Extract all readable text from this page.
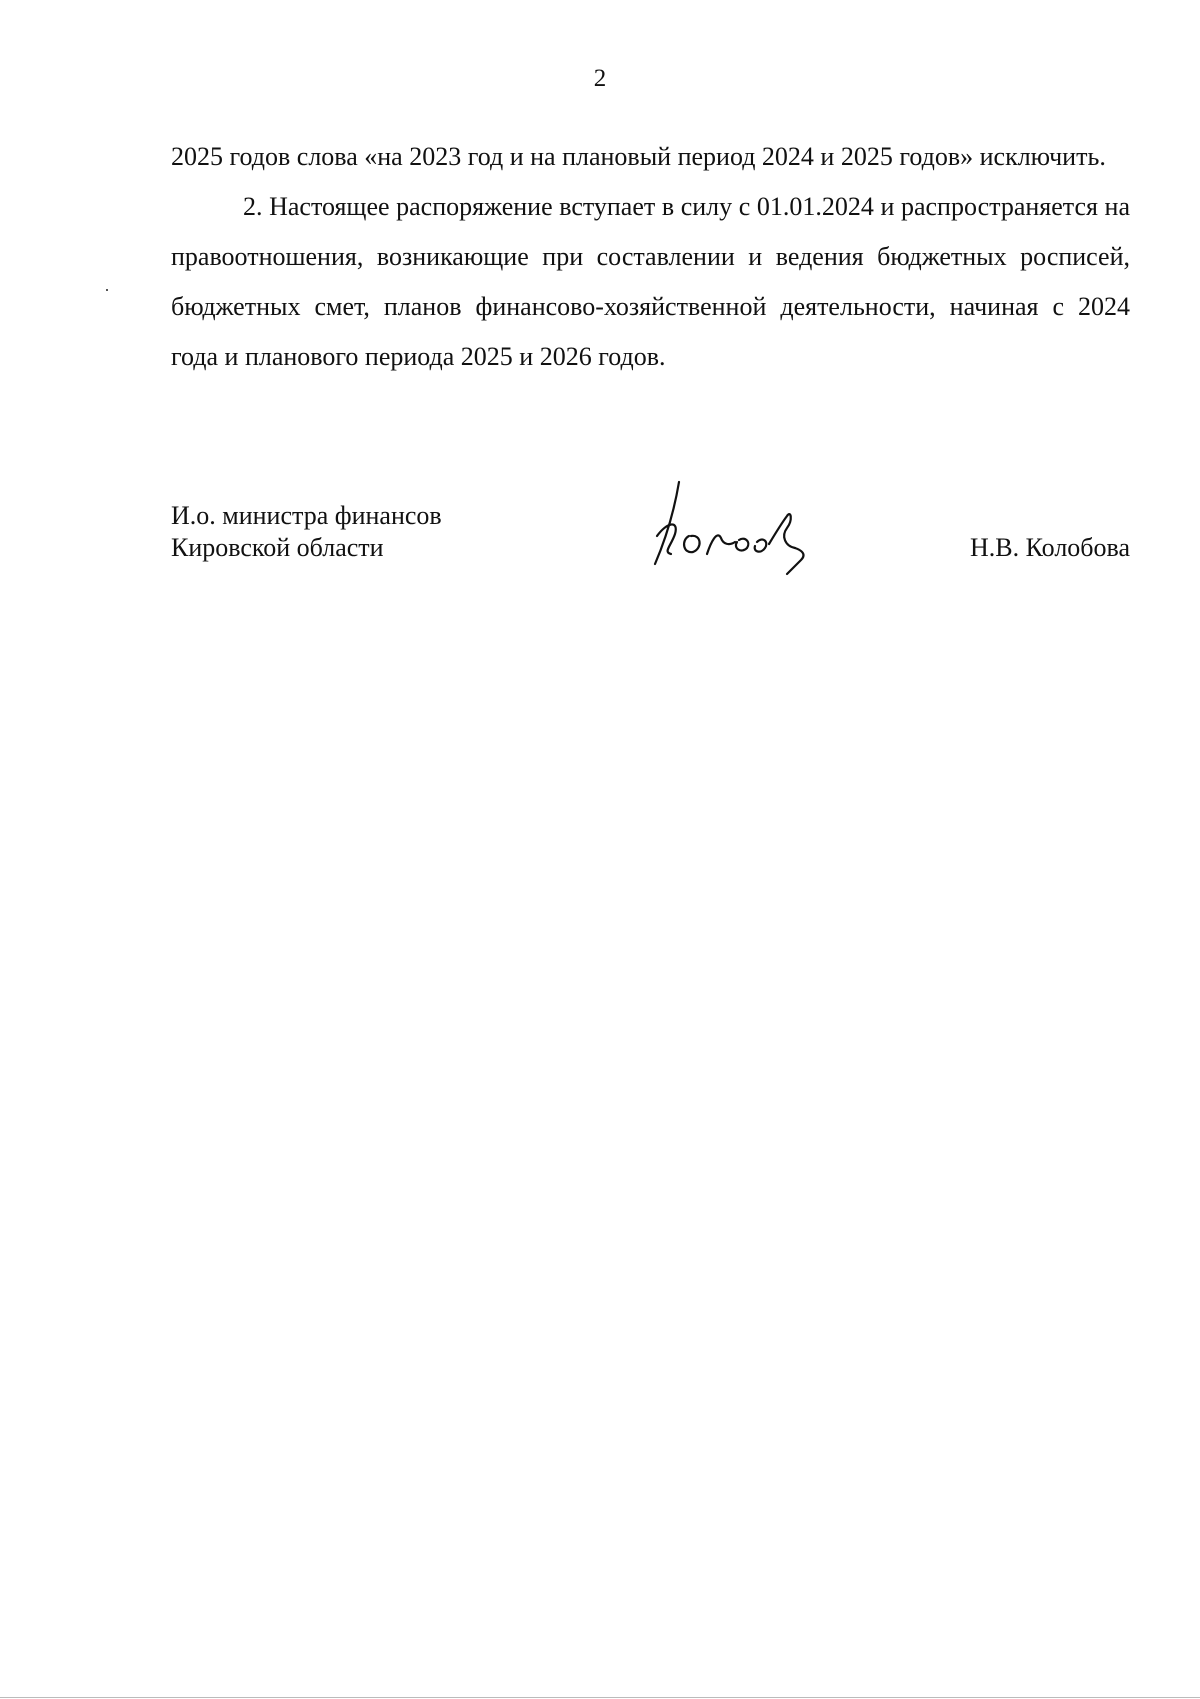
2

2025 годов слова «на 2023 год и на плановый период 2024 и 2025 годов» исключить.

2. Настоящее распоряжение вступает в силу с 01.01.2024 и распространяется на правоотношения, возникающие при составлении и ведения бюджетных росписей, бюджетных смет, планов финансово-хозяйственной деятельности, начиная с 2024 года и планового периода 2025 и 2026 годов.

И.о. министра финансов
Кировской области	Н.В. Колобова
